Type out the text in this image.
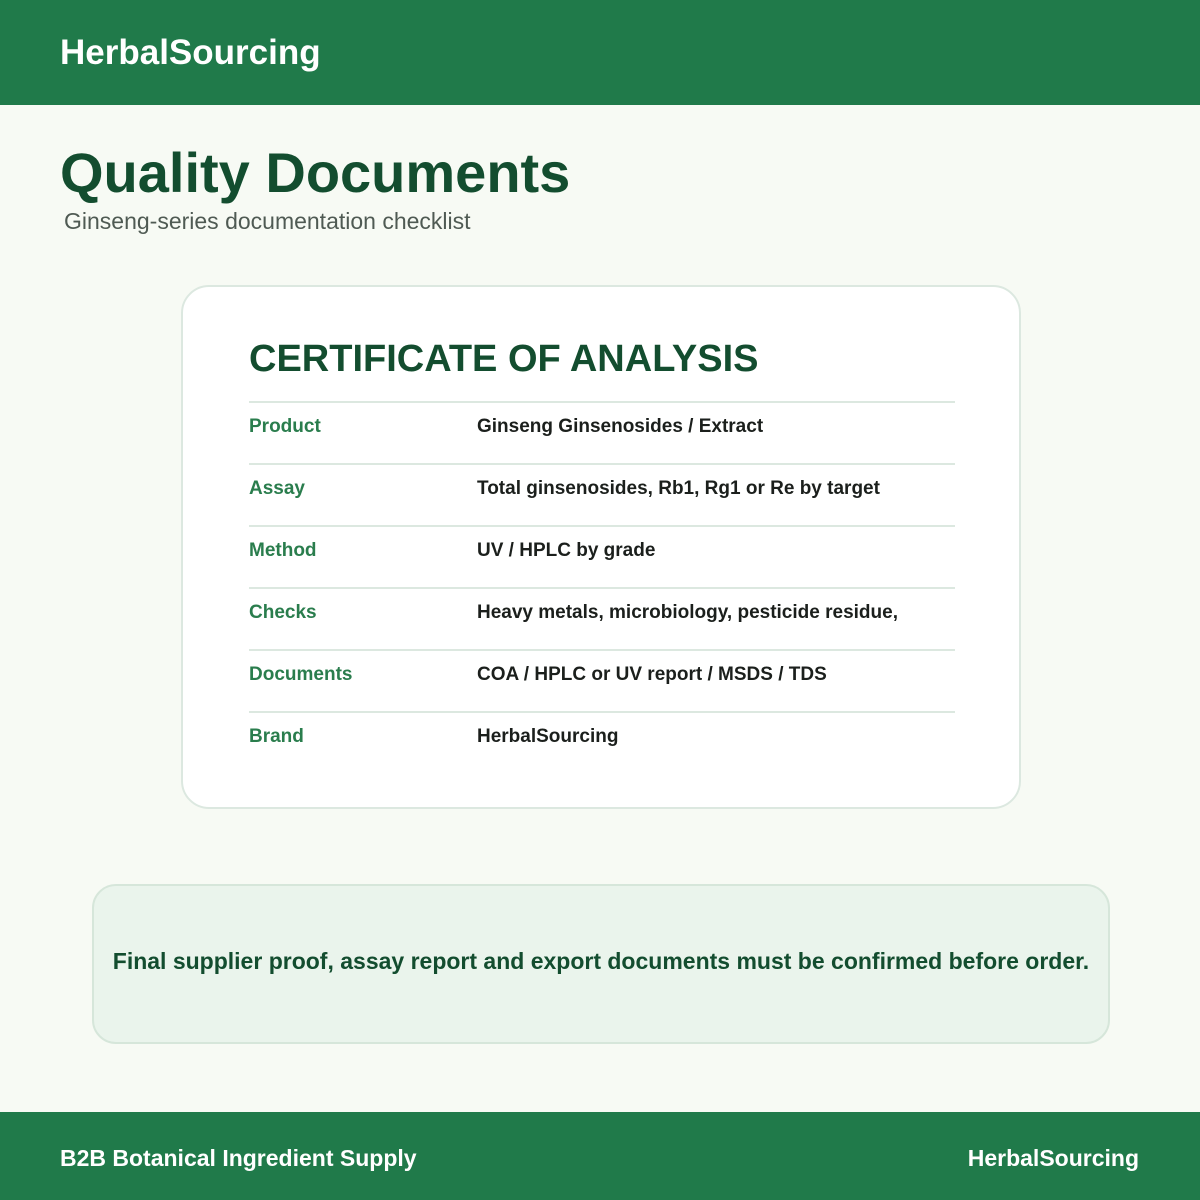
HerbalSourcing
Quality Documents

Ginseng-series documentation checklist

CERTIFICATE OF ANALYSIS
Product	Ginseng Ginsenosides / Extract
Assay	Total ginsenosides, Rb1, Rg1 or Re by target
Method	UV / HPLC by grade
Checks	Heavy metals, microbiology, pesticide residue,
Documents	COA / HPLC or UV report / MSDS / TDS
Brand	HerbalSourcing

Final supplier proof, assay report and export documents must be confirmed before order.

B2B Botanical Ingredient Supply	HerbalSourcing
